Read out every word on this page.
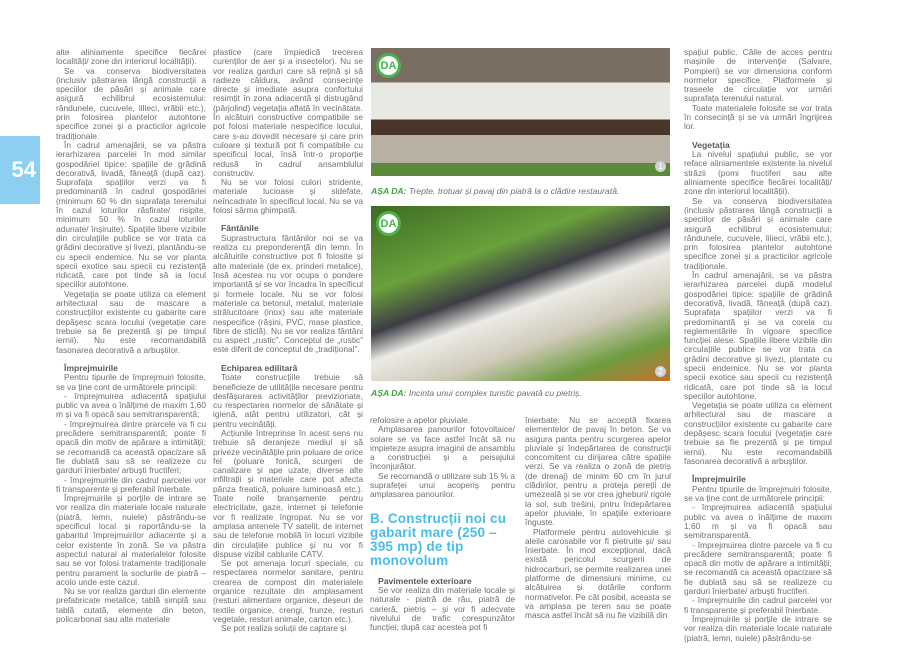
54

alte aliniamente specifice fiecărei localități/ zone din interiorul localității).

Se va conserva biodiversitatea (inclusiv păstrarea lângă construcții a speciilor de păsări și animale care asigură echilibrul ecosistemului: rândunele, cucuvele, lilieci, vrăbii etc.), prin folosirea plantelor autohtone specifice zonei și a practicilor agricole tradiționale.

În cadrul amenajării, se va păstra ierarhizarea parcelei în mod similar gospodăriei tipice: spațiile de grădină decorativă, livadă, fâneață (după caz). Suprafața spațiilor verzi va fi predominantă în cadrul gospodăriei (minimum 60 % din suprafața terenului în cazul loturilor răsfirate/ risipite, minimum 50 % în cazul loturilor adunate/ înșiruite). Spațiile libere vizibile din circulațiile publice se vor trata ca grădini decorative și livezi, plantându-se cu specii endemice. Nu se vor planta specii exotice sau specii cu rezistență ridicată, care pot tinde să ia locul speciilor autohtone.

Vegetația se poate utiliza ca element arhitectural sau de mascare a construcțiilor existente cu gabarite care depășesc scara locului (vegetație care trebuie sa fie prezentă și pe timpul iernii). Nu este recomandabilă fasonarea decorativă a arbuștilor.

Împrejmuirile

Pentru tipurile de împrejmuiri folosite, se va ține cont de următorele principii:

- împrejmuirea adiacentă spațiului public va avea o înălțime de maxim 1,60 m și va fi opacă sau semitransparentă;

- împrejmuirea dintre prarcele va fi cu precădere semitransparentă; poate fi opacă din motiv de apărare a intimității; se recomandă ca această opacizare să fie dublată sau să se realizeze cu garduri înierbate/ arbuști fructiferi;

- împrejmuirile din cadrul parcelei vor fi transparente și preferabil înierbate.

Împrejmuirile și porțile de intrare se vor realiza din materiale locale naturale (piatră, lemn, nuiele) păstrându-se specificul local și raportându-se la gabaritul împrejmuirilor adiacente și a celor existente în zonă. Se va păstra aspectul natural al materialelor folosite sau se vor folosi tratamente tradiționale pentru parament la soclurile de piatră – acolo unde este cazul.

Nu se vor realiza garduri din elemente prefabricate metalice, tablă simplă sau tablă cutată, elemente din beton, policarbonat sau alte materiale

plastice (care împiedică trecerea curenților de aer și a insectelor). Nu se vor realiza garduri care să rețină și să radieze căldura, având consecințe directe și imediate asupra confortului resimțit în zona adiacentă și distrugând (pârjolind) vegetația aflată în vecinătate. În alcătuiri constructive compatibile se pot folosi materiale nespecifice locului, care s-au dovedit necesare și care prin culoare și textură pot fi compatibile cu specificul local, însă într-o proporție redusă în cadrul ansamblului constructiv.

Nu se vor folosi culori stridente, materiale lucioase și sidefate, neîncadrate în specificul local. Nu se va folosi sârma ghimpată.

Fântânile

Suprastructura fântânilor noi se va realiza cu preponderență din lemn. În alcătuirile constructive pot fi folosite și alte materiale (de ex. prinderi metalice), însă acestea nu vor ocupa o pondere importantă și se vor încadra în specificul și formele locale. Nu se vor folosi materiale ca betonul, metalul, materiale strălucitoare (inox) sau alte materiale nespecifice (rășini, PVC, mase plastice, fibre de sticlă). Nu se vor realiza fântâni cu aspect „rustic”. Conceptul de „rustic” este diferit de conceptul de „tradițional”.

Echiparea edilitară

Toate construcțiile trebuie să beneficieze de utilitățile necesare pentru desfășurarea activităților previzionate, cu respectarea normelor de sănătate și igienă, atât pentru utilizatori, cât și pentru vecinătăți.

Acțiunile întreprinse în acest sens nu trebuie să deranjeze mediul și să priveze vecinătățile prin poluare de orice fel (poluare fonică, scurgeri de canalizare și ape uzate, diverse alte infiltrații și materiale care pot afecta pânza freatică, poluare luminoasă etc.). Toate noile branșamente pentru electricitate, gaze, internet și telefonie vor fi realizate îngropat. Nu se vor amplasa antenele TV satelit, de internet sau de telefonie mobilă în locuri vizibile din circulațiile publice și nu vor fi dispuse vizibil cablurile CATV.

Se pot amenaja locuri speciale, cu respectarea normelor sanitare, pentru crearea de compost din materialele organice rezultate din amplasament (resturi alimentare organice, deșeuri de textile organice, crengi, frunze, resturi vegetale, resturi animale, carton etc.).

Se pot realiza soluții de captare și

DA
1
AȘA DA: Trepte, trotuar și pavaj din piatră la o clădire restaurată.
DA
2
AȘA DA: Incinta unui complex turistic pavată cu pietriș.

refolosire a apelor pluviale.

Amplasarea panourilor fotovoltaice/ solare se va face astfel încât să nu impieteze asupra imaginii de ansamblu a construcției și a peisajului înconjurător.

Se recomandă o utilizare sub 15 % a suprafeței unui acoperiș pentru amplasarea panourilor.

B. Construcții noi cu gabarit mare (250 – 395 mp) de tip monovolum
Pavimentele exterioare

Se vor realiza din materiale locale și naturale - piatră de râu, piatră de carieră, pietriș – și vor fi adecvate nivelului de trafic corespunzător funcției; după caz acestea pot fi

înierbate. Nu se acceptă fixarea elementelor de pavaj în beton. Se va asigura panta pentru scurgerea apelor pluviale și îndepărtarea de construcții concomitent cu dirijarea către spațiile verzi. Se va realiza o zonă de pietriș (de drenaj) de minim 60 cm în jurul clădirilor, pentru a proteja pereții de umezeală și se vor crea jgheburi/ rigole la sol, sub trešini, pntru îndepărtarea apelor pluviale, în spațiile exterioare înguste.

Platformele pentru autovehicule și aleile carosabile vor fi pietruite și/ sau înierbate. În mod excepțional, dacă există pericolul scurgerii de hidrocarburi, se permite realizarea unei platforme de dimensiuni minime, cu alcătuirea și dotările conform normativelor. Pe cât posibil, aceasta se va amplasa pe teren sau se poate masca astfel încât să nu fie vizibilă din

spațiul public. Căile de acces pentru mașinile de intervenție (Salvare, Pompieri) se vor dimensiona conform normelor specifice. Platformele și traseele de circulație vor urmări suprafața terenului natural.

Toate materialele folosite se vor trata în consecință și se va urmări îngrijirea lor.

Vegetația

La nivelul spațiului public, se vor reface aliniamentele existente la nivelul străzii (pomi fructiferi sau alte aliniamente specifice fiecărei localități/ zone din interiorul localității).

Se va conserva biodiversitatea (inclusiv păstrarea lângă construcții a speciilor de păsări și animale care asigură echilibrul ecosistemului: rândunele, cucuvele, lilieci, vrăbii etc.), prin folosirea plantelor autohtone specifice zonei și a practicilor agricole tradiționale.

În cadrul amenajării, se va păstra ierarhizarea parcelei după modelul gospodăriei tipice: spațiile de grădină decorativă, livadă, fâneață (după caz). Suprafața spațiilor verzi va fi predominantă și se va corela cu reglementările în vigoare specifice funcției alese. Spațiile libere vizibile din circulațiile publice se vor trata ca grădini decorative și livezi, plantate cu specii endemice. Nu se vor planta specii exotice sau specii cu rezistență ridicată, care pot tinde să ia locul speciilor autohtone.

Vegetația se poate utiliza ca element arhitectural sau de mascare a construcțiilor existente cu gabarite care depășesc scara locului (vegetație care trebuie sa fie prezentă și pe timpul iernii). Nu este recomandabilă fasonarea decorativă a arbuștilor.

Împrejmuirile

Pentru tipurile de împrejmuiri folosite, se va ține cont de următorele principii:

- împrejmuirea adiacentă spațiului public va avea o înălțime de maxim 1,60 m și va fi opacă sau semitransparentă.

- împrejmuirea dintre parcele va fi cu precădere semitransparentă; poate fi opacă din motiv de apărare a intimității; se recomandă ca această opacizare să fie dublată sau să se realizeze cu garduri înierbate/ arbuști fructiferi.

- împrejmuirile din cadrul parcelei vor fi transparente și preferabil înierbate.

Împrejmuirile și porțile de intrare se vor realiza din materiale locale naturale (piatră, lemn, nuiele) păstrându-se
